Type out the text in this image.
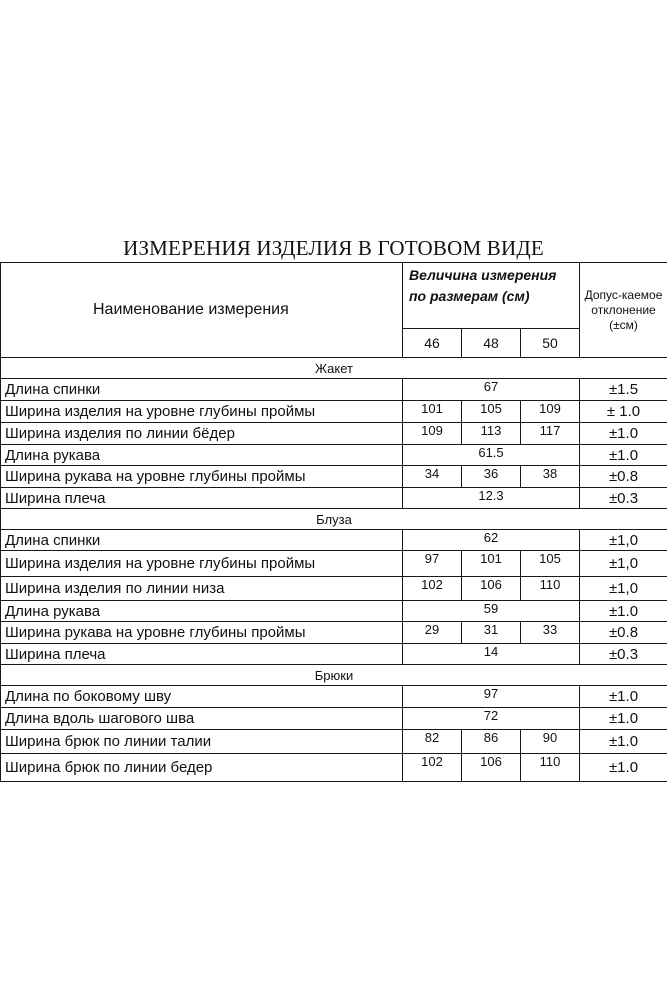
ИЗМЕРЕНИЯ ИЗДЕЛИЯ В ГОТОВОМ ВИДЕ
Наименование измерения	Величина измерения по размерам (см)			Допус-каемое отклонение (±см)
	46	48	50	
Жакет				
Длина спинки	67			±1.5
Ширина изделия на уровне глубины проймы	101	105	109	± 1.0
Ширина изделия по линии бёдер	109	113	117	±1.0
Длина рукава	61.5			±1.0
Ширина рукава на уровне глубины проймы	34	36	38	±0.8
Ширина плеча	12.3			±0.3
Блуза				
Длина спинки	62			±1,0
Ширина изделия на уровне глубины проймы	97	101	105	±1,0
Ширина изделия по линии низа	102	106	110	±1,0
Длина рукава	59			±1.0
Ширина рукава на уровне глубины проймы	29	31	33	±0.8
Ширина плеча	14			±0.3
Брюки				
Длина по боковому шву	97			±1.0
Длина вдоль шагового шва	72			±1.0
Ширина брюк по линии талии	82	86	90	±1.0
Ширина брюк по линии бедер	102	106	110	±1.0
